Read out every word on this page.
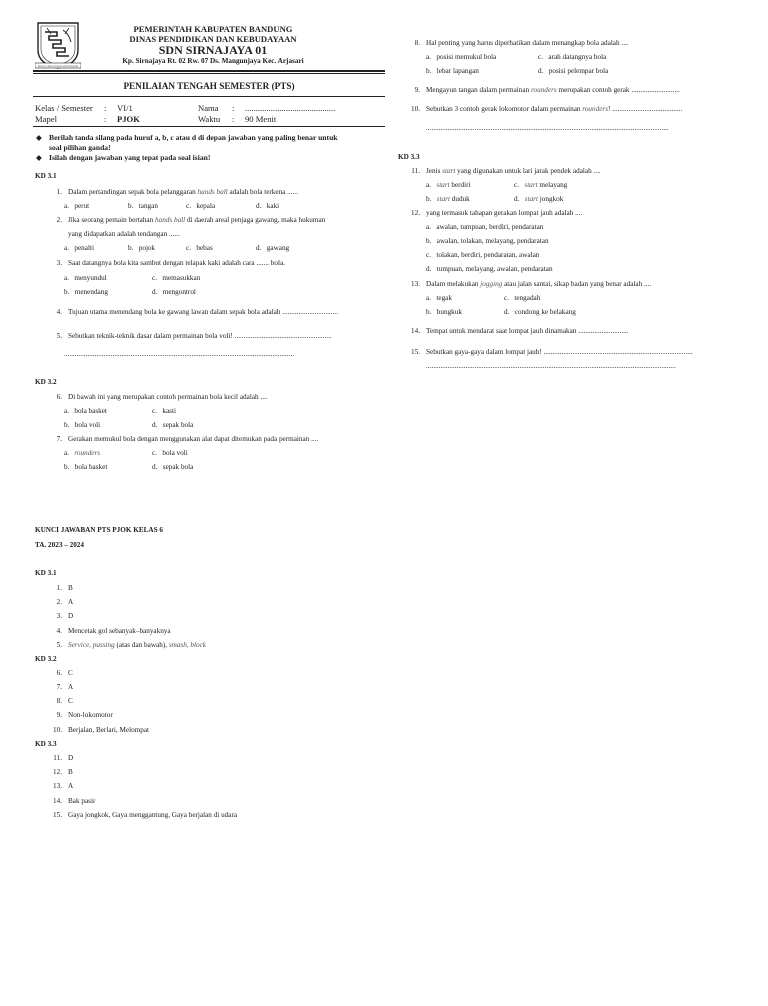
REPAH GEMAH RIPAH REPEH RAPIH
PEMERINTAH KABUPATEN BANDUNG
DINAS PENDIDIKAN DAN KEBUDAYAAN
SDN SIRNAJAYA 01
Kp. Sirnajaya Rt. 02 Rw. 07 Ds. Mangunjaya Kec. Arjasari
PENILAIAN TENGAH SEMESTER (PTS)
Kelas / Semester : VI/1	Nama : ..........................................
Mapel	: PJOK	Waktu : 90 Menit
◆ Berilah tanda silang pada huruf a, b, c atau d di depan jawaban yang paling benar untuk
soal pilihan ganda!
◆ Isilah dengan jawaban yang tepat pada soal isian!
KD 3.1
1. Dalam pertandingan sepak bola pelanggaran hands ball adalah bola terkena ......
a. perut	b. tangan	c. kepala	d. kaki
2. Jika seorang pemain bertahan hands ball di daerah areal penjaga gawang, maka hukuman
yang didapatkan adalah tendangan ......
a. penalti	b. pojok	c. bebas	d. gawang
3. Saat datangnya bola kita sambut dengan telapak kaki adalah cara ....... bola.
a. menyundul	c. memasukkan
b. menendang	d. mengontrol
4. Tujuan utama menendang bola ke gawang lawan dalam sepak bola adalah ...............................
5. Sebutkan teknik-teknik dasar dalam permainan bola voli! ......................................................
................................................................................................................................
KD 3.2
6. Di bawah ini yang merupakan contoh permainan bola kecil adalah ....
a. bola basket	c. kasti
b. bola voli	d. sepak bola
7. Gerakan memukul bola dengan menggunakan alat dapat ditemukan pada permainan ....
a. rounders	c. bola voli
b. bola basket	d. sepak bola
8. Hal penting yang harus diperhatikan dalam menangkap bola adalah ....
a. posisi memukul bola	c. arah datangnya bola
b. lebar lapangan	d. posisi pelempar bola
9. Mengayun tangan dalam permainan rounders merupakan contoh gerak ...........................
10. Sebutkan 3 contoh gerak lokomotor dalam permainan rounders! .......................................
.......................................................................................................................................
KD 3.3
11. Jenis start yang digunakan untuk lari jarak pendek adalah ....
a. start berdiri	c. start melayang
b. start duduk	d. start jongkok
12. yang termasuk tahapan gerakan lompat jauh adalah ....
a. awalan, tumpuan, berdiri, pendaratan
b. awalan, tolakan, melayang, pendaratan
c. tolakan, berdiri, pendaratan, awalan
d. tumpuan, melayang, awalan, pendaratan
13. Dalam melakukan jogging atau jalan santai, sikap badan yang benar adalah ....
a. tegak	c. tengadah
b. bungkuk	d. condong ke belakang
14. Tempat untuk mendarat saat lompat jauh dinamakan ............................
15. Sebutkan gaya-gaya dalam lompat jauh! ...................................................................................
...........................................................................................................................................
KUNCI JAWABAN PTS PJOK KELAS 6
TA. 2023 – 2024
KD 3.1
1. B
2. A
3. D
4. Mencetak gol sebanyak–banyaknya
5. Service, passing (atas dan bawah), smash, block
KD 3.2
6. C
7. A
8. C
9. Non-lokomotor
10. Berjalan, Berlari, Melompat
KD 3.3
11. D
12. B
13. A
14. Bak pasir
15. Gaya jongkok, Gaya menggantung, Gaya berjalan di udara
